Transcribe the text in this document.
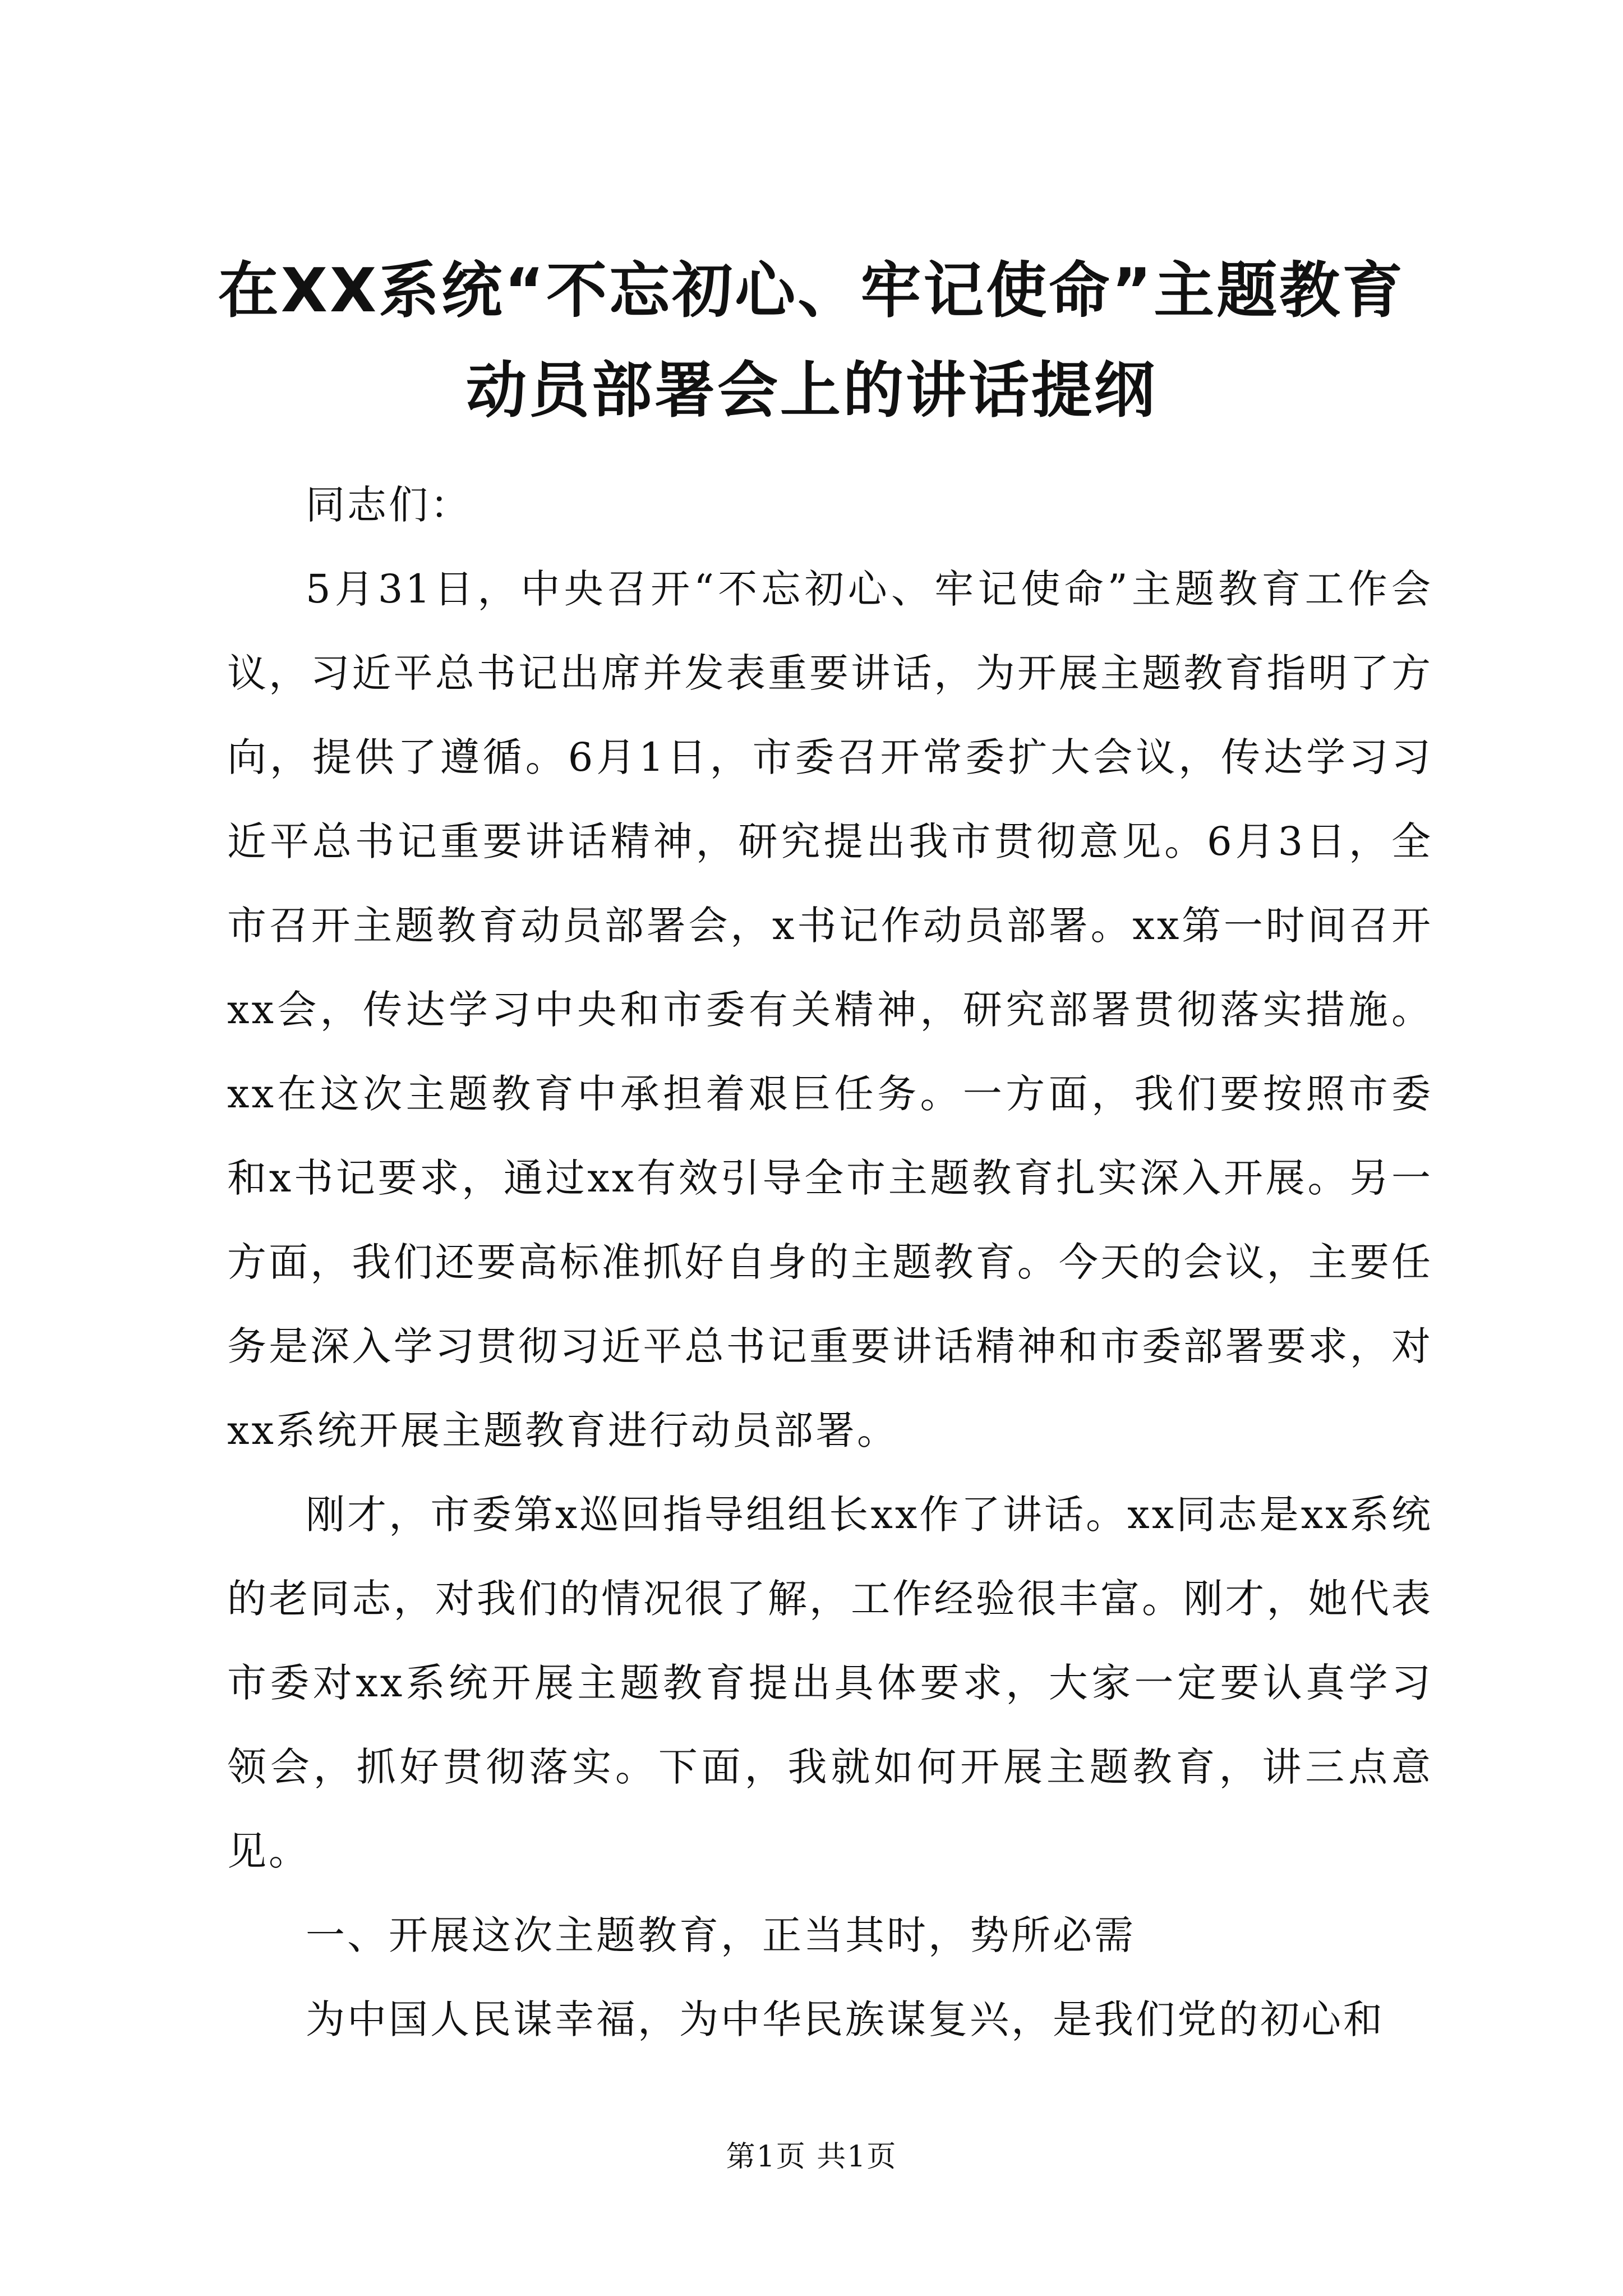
在XX系统“不忘初心、牢记使命”主题教育
动员部署会上的讲话提纲

同志们：

5月31日，中央召开“不忘初心、牢记使命”主题教育工作会议，习近平总书记出席并发表重要讲话，为开展主题教育指明了方向，提供了遵循。6月1日，市委召开常委扩大会议，传达学习习近平总书记重要讲话精神，研究提出我市贯彻意见。6月3日，全市召开主题教育动员部署会，x书记作动员部署。xx第一时间召开xx会，传达学习中央和市委有关精神，研究部署贯彻落实措施。xx在这次主题教育中承担着艰巨任务。一方面，我们要按照市委和x书记要求，通过xx有效引导全市主题教育扎实深入开展。另一方面，我们还要高标准抓好自身的主题教育。今天的会议，主要任务是深入学习贯彻习近平总书记重要讲话精神和市委部署要求，对xx系统开展主题教育进行动员部署。

刚才，市委第x巡回指导组组长xx作了讲话。xx同志是xx系统的老同志，对我们的情况很了解，工作经验很丰富。刚才，她代表市委对xx系统开展主题教育提出具体要求，大家一定要认真学习领会，抓好贯彻落实。下面，我就如何开展主题教育，讲三点意见。

一、开展这次主题教育，正当其时，势所必需

为中国人民谋幸福，为中华民族谋复兴，是我们党的初心和

第1页 共1页
